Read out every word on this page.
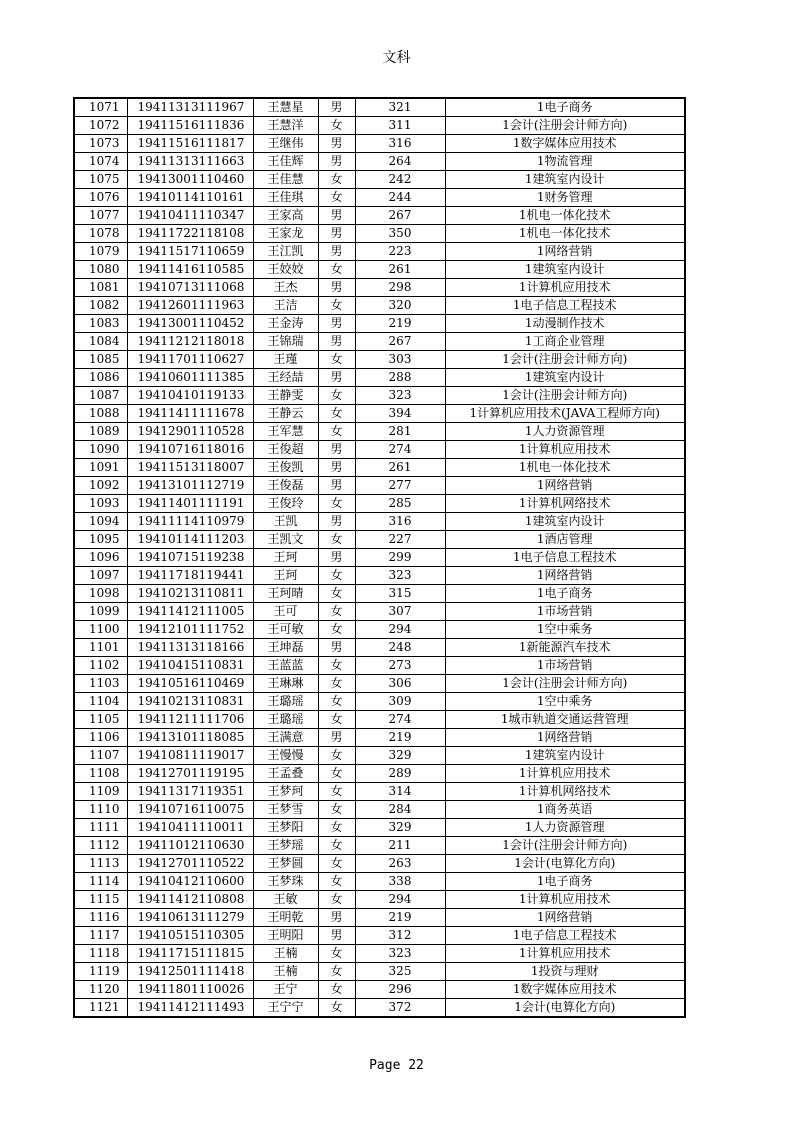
文科
1071	19411313111967	王慧星	男	321	1电子商务
1072	19411516111836	王慧洋	女	311	1会计(注册会计师方向)
1073	19411516111817	王继伟	男	316	1数字媒体应用技术
1074	19411313111663	王佳辉	男	264	1物流管理
1075	19413001110460	王佳慧	女	242	1建筑室内设计
1076	19410114110161	王佳琪	女	244	1财务管理
1077	19410411110347	王家高	男	267	1机电一体化技术
1078	19411722118108	王家龙	男	350	1机电一体化技术
1079	19411517110659	王江凯	男	223	1网络营销
1080	19411416110585	王姣姣	女	261	1建筑室内设计
1081	19410713111068	王杰	男	298	1计算机应用技术
1082	19412601111963	王洁	女	320	1电子信息工程技术
1083	19413001110452	王金涛	男	219	1动漫制作技术
1084	19411212118018	王锦瑞	男	267	1工商企业管理
1085	19411701110627	王瑾	女	303	1会计(注册会计师方向)
1086	19410601111385	王经喆	男	288	1建筑室内设计
1087	19410410119133	王静雯	女	323	1会计(注册会计师方向)
1088	19411411111678	王静云	女	394	1计算机应用技术(JAVA工程师方向)
1089	19412901110528	王军慧	女	281	1人力资源管理
1090	19410716118016	王俊超	男	274	1计算机应用技术
1091	19411513118007	王俊凯	男	261	1机电一体化技术
1092	19413101112719	王俊磊	男	277	1网络营销
1093	19411401111191	王俊玲	女	285	1计算机网络技术
1094	19411114110979	王凯	男	316	1建筑室内设计
1095	19410114111203	王凯文	女	227	1酒店管理
1096	19410715119238	王珂	男	299	1电子信息工程技术
1097	19411718119441	王珂	女	323	1网络营销
1098	19410213110811	王珂晴	女	315	1电子商务
1099	19411412111005	王可	女	307	1市场营销
1100	19412101111752	王可敏	女	294	1空中乘务
1101	19411313118166	王坤磊	男	248	1新能源汽车技术
1102	19410415110831	王蓝蓝	女	273	1市场营销
1103	19410516110469	王琳琳	女	306	1会计(注册会计师方向)
1104	19410213110831	王璐瑶	女	309	1空中乘务
1105	19411211111706	王璐瑶	女	274	1城市轨道交通运营管理
1106	19413101118085	王满意	男	219	1网络营销
1107	19410811119017	王慢慢	女	329	1建筑室内设计
1108	19412701119195	王孟叠	女	289	1计算机应用技术
1109	19411317119351	王梦珂	女	314	1计算机网络技术
1110	19410716110075	王梦雪	女	284	1商务英语
1111	19410411110011	王梦阳	女	329	1人力资源管理
1112	19411012110630	王梦瑶	女	211	1会计(注册会计师方向)
1113	19412701110522	王梦圆	女	263	1会计(电算化方向)
1114	19410412110600	王梦珠	女	338	1电子商务
1115	19411412110808	王敏	女	294	1计算机应用技术
1116	19410613111279	王明乾	男	219	1网络营销
1117	19410515110305	王明阳	男	312	1电子信息工程技术
1118	19411715111815	王楠	女	323	1计算机应用技术
1119	19412501111418	王楠	女	325	1投资与理财
1120	19411801110026	王宁	女	296	1数字媒体应用技术
1121	19411412111493	王宁宁	女	372	1会计(电算化方向)
Page 22
